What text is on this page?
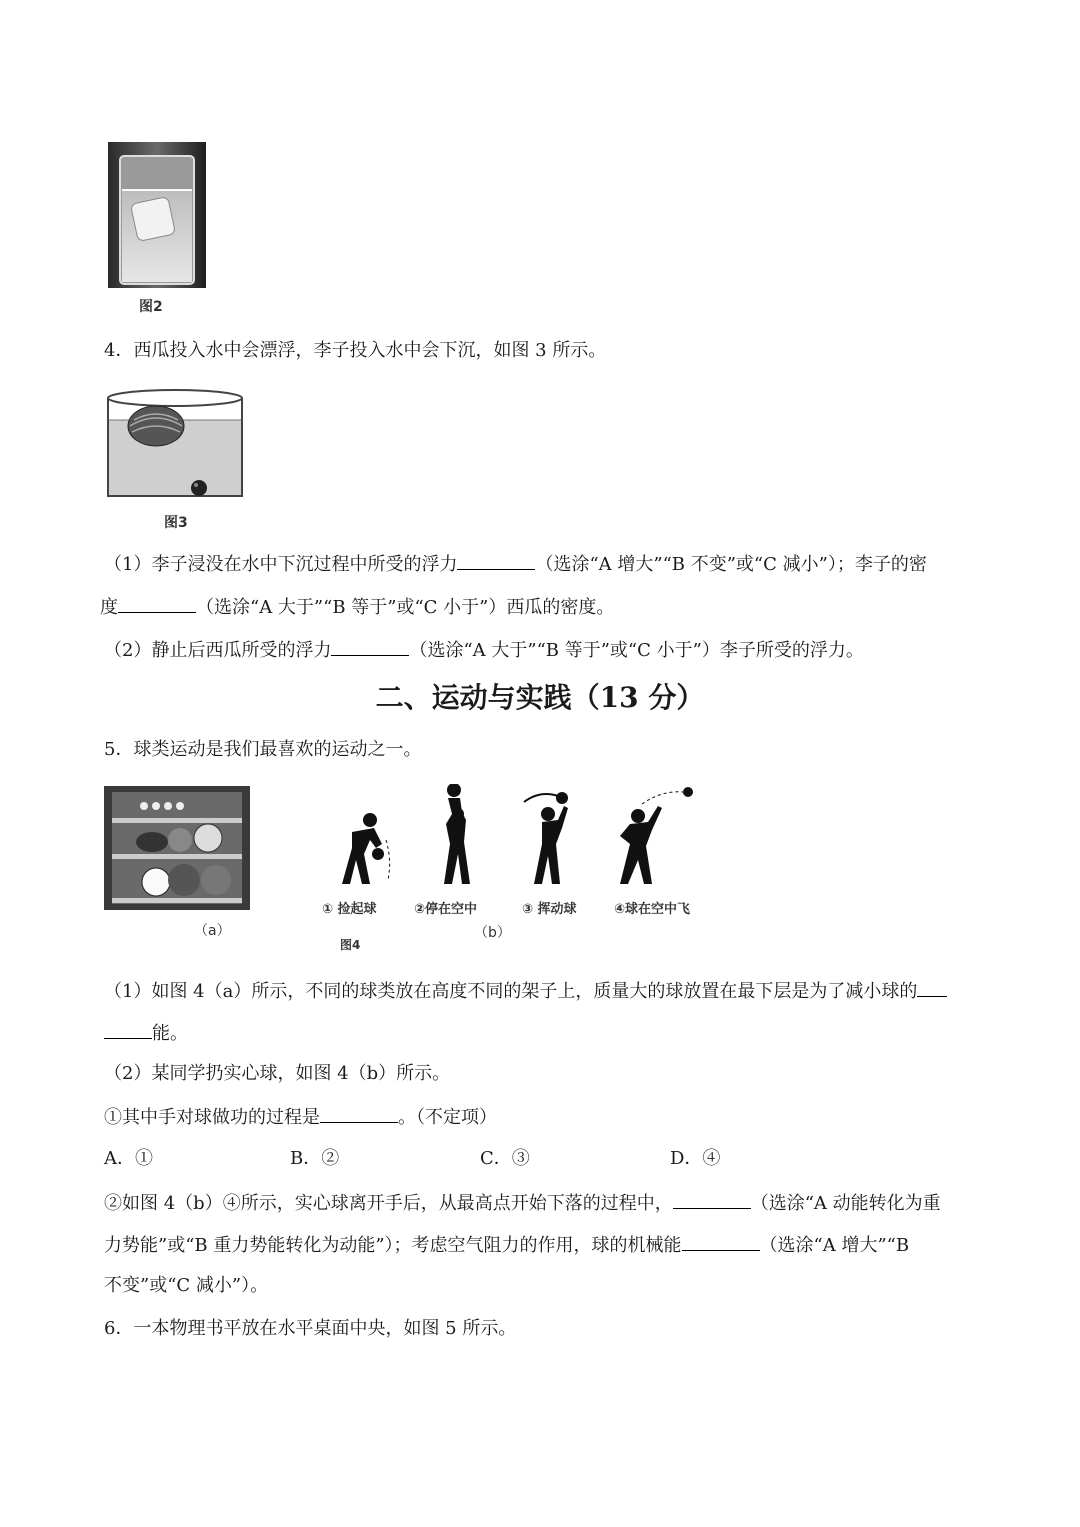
图2
4．西瓜投入水中会漂浮，李子投入水中会下沉，如图 3 所示。
图3
（1）李子浸没在水中下沉过程中所受的浮力	（选涂“A 增大”“B 不变”或“C 减小”）；李子的密
度	（选涂“A 大于”“B 等于”或“C 小于”）西瓜的密度。
（2）静止后西瓜所受的浮力	（选涂“A 大于”“B 等于”或“C 小于”）李子所受的浮力。
二、运动与实践（13 分）
5．球类运动是我们最喜欢的运动之一。
（a）
① 捡起球	②停在空中	③ 挥动球	④球在空中飞
（b）
图4
（1）如图 4（a）所示，不同的球类放在高度不同的架子上，质量大的球放置在最下层是为了减小球的
能。
（2）某同学扔实心球，如图 4（b）所示。
①其中手对球做功的过程是	。（不定项）
A．①	B．②	C．③	D．④
②如图 4（b）④所示，实心球离开手后，从最高点开始下落的过程中，	（选涂“A 动能转化为重
力势能”或“B 重力势能转化为动能”）；考虑空气阻力的作用，球的机械能	（选涂“A 增大”“B
不变”或“C 减小”）。
6．一本物理书平放在水平桌面中央，如图 5 所示。
